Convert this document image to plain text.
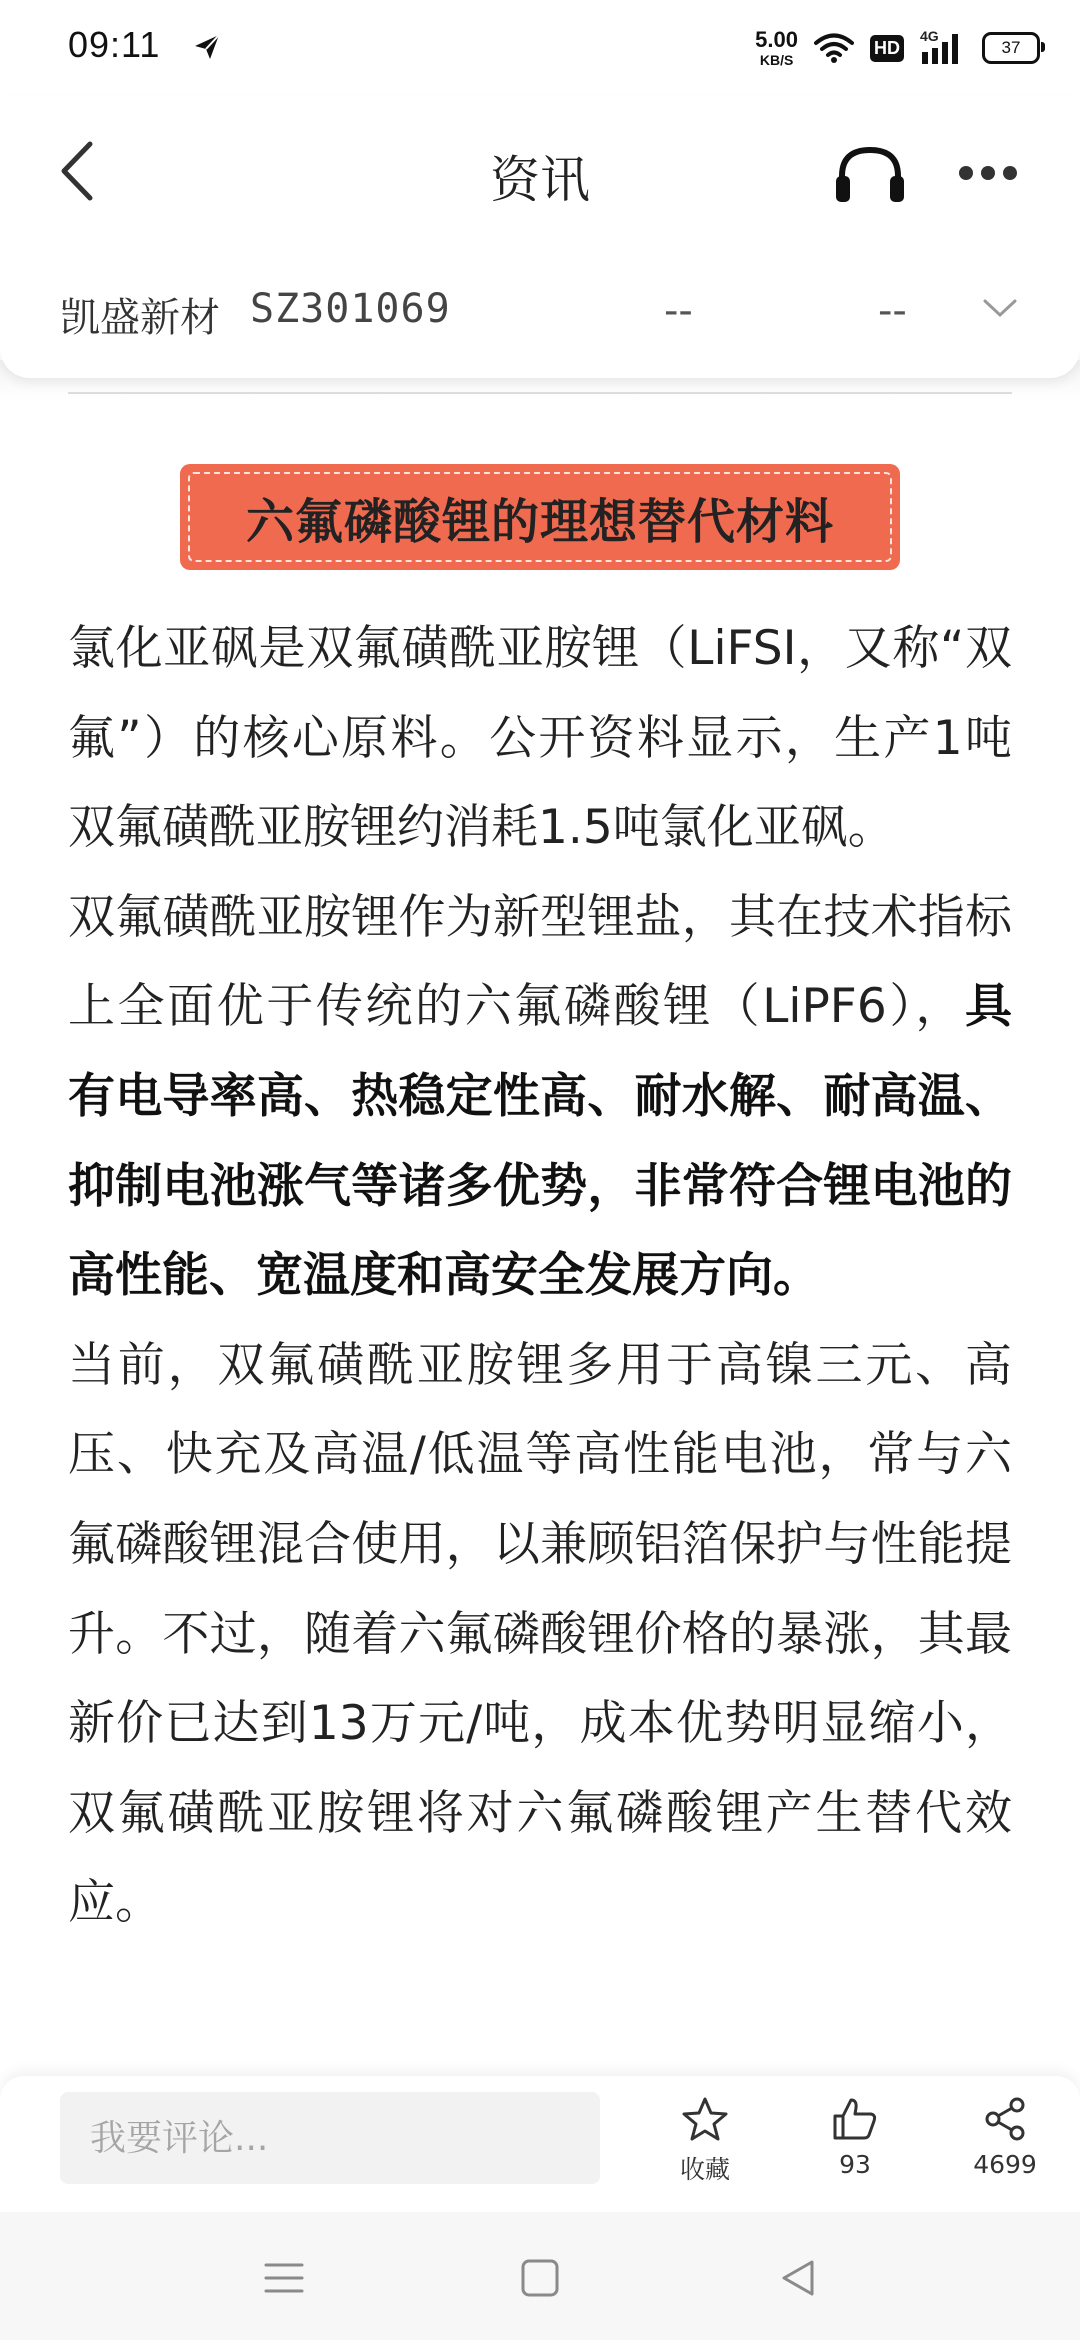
09:11	5.00
KB/S
HD
4G
37
资讯
凯盛新材 SZ301069	--	--
六氟磷酸锂的理想替代材料

氯化亚砜是双氟磺酰亚胺锂（LiFSI，又称“双氟”）的核心原料。公开资料显示，生产1吨双氟磺酰亚胺锂约消耗1.5吨氯化亚砜。

双氟磺酰亚胺锂作为新型锂盐，其在技术指标上全面优于传统的六氟磷酸锂（LiPF6），具有电导率高、热稳定性高、耐水解、耐高温、抑制电池涨气等诸多优势，非常符合锂电池的高性能、宽温度和高安全发展方向。

当前，双氟磺酰亚胺锂多用于高镍三元、高压、快充及高温/低温等高性能电池，常与六氟磷酸锂混合使用，以兼顾铝箔保护与性能提升。不过，随着六氟磷酸锂价格的暴涨，其最新价已达到13万元/吨，成本优势明显缩小，双氟磺酰亚胺锂将对六氟磷酸锂产生替代效应。

我要评论...
收藏	93	4699
